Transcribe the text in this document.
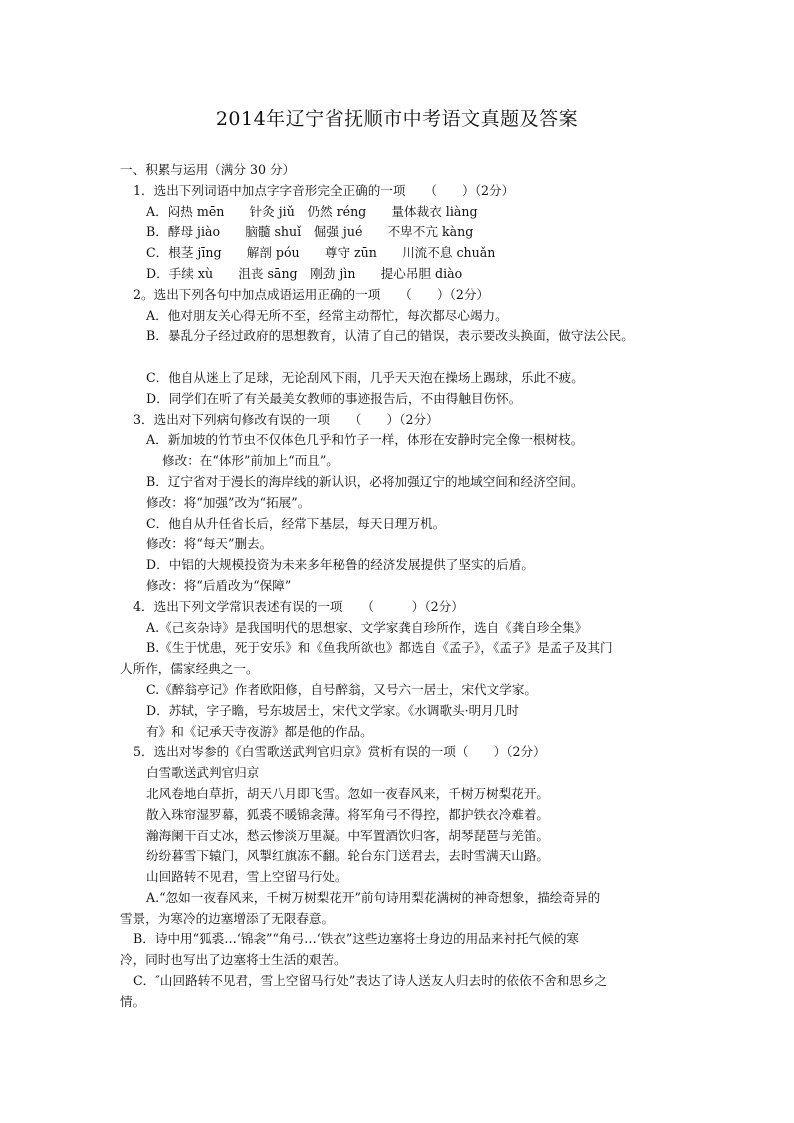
2014年辽宁省抚顺市中考语文真题及答案
一、积累与运用（满分 30 分）
1．选出下列词语中加点字字音形完全正确的一项　　（　　）（2分）
A．闷热 mēn　　针灸 jiǔ　仍然 réng　　量体裁衣 liàng
B．酵母 jiào　　脑髓 shuǐ　倔强 jué　　不卑不亢 kàng
C．根茎 jīng　　解剖 póu　　尊守 zūn　　川流不息 chuǎn
D．手续 xù　　沮丧 sāng　刚劲 jìn　　提心吊胆 diào
2。选出下列各句中加点成语运用正确的一项　　（　　）（2分）
A．他对朋友关心得无所不至，经常主动帮忙，每次都尽心竭力。
B．暴乱分子经过政府的思想教育，认清了自己的错误，表示要改头换面，做守法公民。
C．他自从迷上了足球，无论刮风下雨，几乎天天泡在操场上踢球，乐此不疲。
D．同学们在听了有关最美女教师的事迹报告后，不由得触目伤怀。
3．选出对下列病句修改有误的一项　　（　　）（2分）
A．新加坡的竹节虫不仅体色几乎和竹子一样，体形在安静时完全像一根树枝。
修改：在“体形”前加上“而且”。
B．辽宁省对于漫长的海岸线的新认识，必将加强辽宁的地域空间和经济空间。
修改：将“加强”改为“拓展”。
C．他自从升任省长后，经常下基层，每天日理万机。
修改：将“每天”删去。
D．中铝的大规模投资为未来多年秘鲁的经济发展提供了坚实的后盾。
修改：将“后盾改为“保障”
4．选出下列文学常识表述有误的一项　　（　　　）（2分）
A.《己亥杂诗》是我国明代的思想家、文学家龚自珍所作，选自《龚自珍全集》
B.《生于忧患，死于安乐》和《鱼我所欲也》都选自《孟子》，《孟子》是孟子及其门
人所作，儒家经典之一。
C.《醉翁亭记》作者欧阳修，自号醉翁，又号六一居士，宋代文学家。
D．苏轼，字子瞻，号东坡居士，宋代文学家。《水调歌头·明月几时
有》和《记承天寺夜游》都是他的作品。
5．选出对岑参的《白雪歌送武判官归京》赏析有误的一项（　　）（2分）
白雪歌送武判官归京
北风卷地白草折，胡天八月即飞雪。忽如一夜春风来，千树万树梨花开。
散入珠帘湿罗幕，狐裘不暖锦衾薄。将军角弓不得控，都护铁衣冷难着。
瀚海阑干百丈冰，愁云惨淡万里凝。中军置酒饮归客，胡琴琵琶与羌笛。
纷纷暮雪下辕门，风掣红旗冻不翻。轮台东门送君去，去时雪满天山路。
山回路转不见君，雪上空留马行处。
A.“忽如一夜春风来，千树万树梨花开”前句诗用梨花满树的神奇想象，描绘奇异的
雪景，为寒冷的边塞增添了无限春意。
B．诗中用“狐裘…‘锦衾”“角弓…‘铁衣”这些边塞将士身边的用品来衬托气候的寒
冷，同时也写出了边塞将士生活的艰苦。
C．″山回路转不见君，雪上空留马行处”表达了诗人送友人归去时的依依不舍和思乡之
情。
